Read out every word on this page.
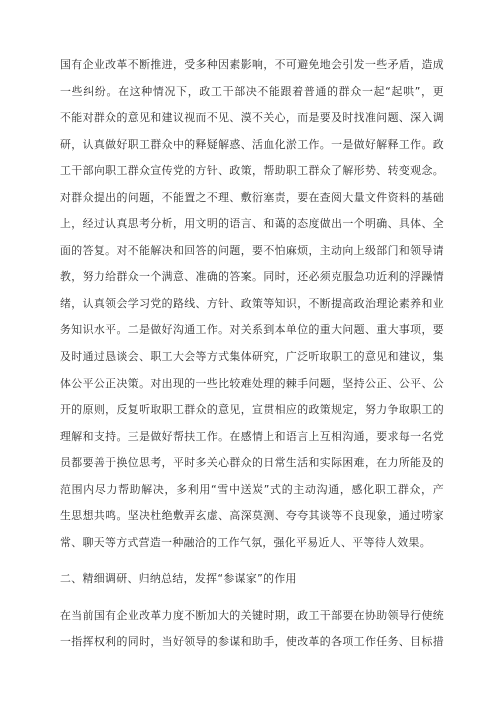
国有企业改革不断推进，受多种因素影响，不可避免地会引发一些矛盾，造成
一些纠纷。在这种情况下，政工干部决不能跟着普通的群众一起“起哄”，更
不能对群众的意见和建议视而不见、漠不关心，而是要及时找准问题、深入调
研，认真做好职工群众中的释疑解惑、活血化淤工作。一是做好解释工作。政
工干部向职工群众宣传党的方针、政策，帮助职工群众了解形势、转变观念。
对群众提出的问题，不能置之不理、敷衍塞责，要在查阅大量文件资料的基础
上，经过认真思考分析，用文明的语言、和蔼的态度做出一个明确、具体、全
面的答复。对不能解决和回答的问题，要不怕麻烦，主动向上级部门和领导请
教，努力给群众一个满意、准确的答案。同时，还必须克服急功近利的浮躁情
绪，认真领会学习党的路线、方针、政策等知识，不断提高政治理论素养和业
务知识水平。二是做好沟通工作。对关系到本单位的重大问题、重大事项，要
及时通过恳谈会、职工大会等方式集体研究，广泛听取职工的意见和建议，集
体公平公正决策。对出现的一些比较难处理的棘手问题，坚持公正、公平、公
开的原则，反复听取职工群众的意见，宣贯相应的政策规定，努力争取职工的
理解和支持。三是做好帮扶工作。在感情上和语言上互相沟通，要求每一名党
员都要善于换位思考，平时多关心群众的日常生活和实际困难，在力所能及的
范围内尽力帮助解决，多利用“雪中送炭”式的主动沟通，感化职工群众，产
生思想共鸣。坚决杜绝敷弄玄虚、高深莫测、夸夸其谈等不良现象，通过唠家
常、聊天等方式营造一种融洽的工作气氛，强化平易近人、平等待人效果。
二、精细调研、归纳总结，发挥“参谋家”的作用
在当前国有企业改革力度不断加大的关键时期，政工干部要在协助领导行使统
一指挥权利的同时，当好领导的参谋和助手，使改革的各项工作任务、目标措
